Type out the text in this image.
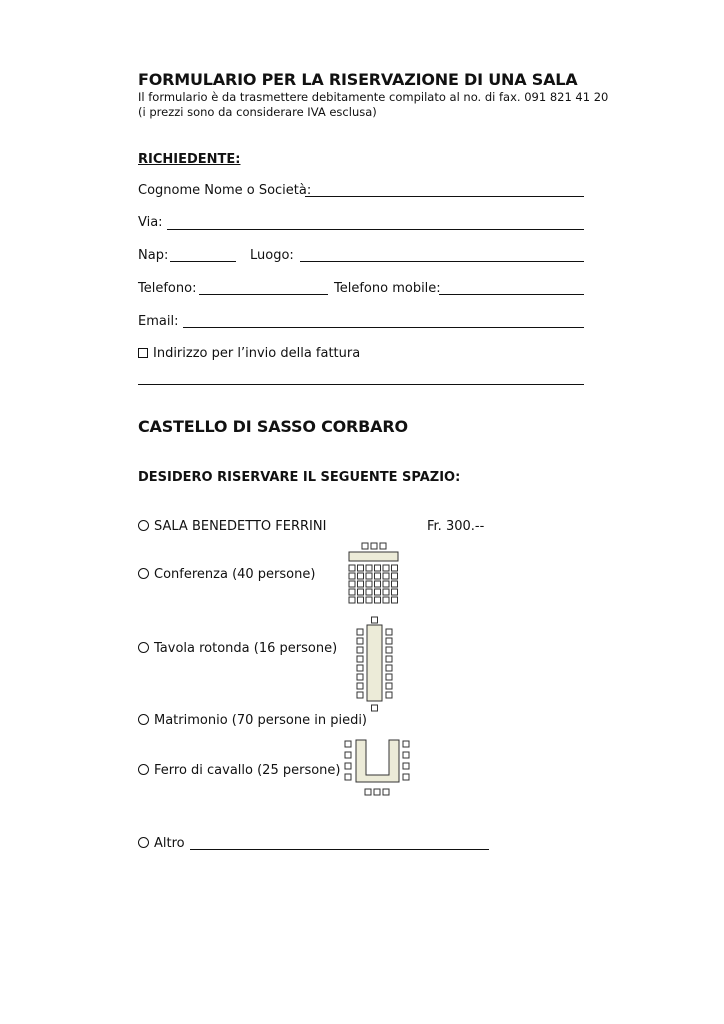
FORMULARIO PER LA RISERVAZIONE DI UNA SALA
Il formulario è da trasmettere debitamente compilato al no. di fax. 091 821 41 20
(i prezzi sono da considerare IVA esclusa)
RICHIEDENTE:
Cognome Nome o Società:
Via:
Nap:	Luogo:
Telefono:	Telefono mobile:
Email:
Indirizzo per l’invio della fattura
CASTELLO DI SASSO CORBARO
DESIDERO RISERVARE IL SEGUENTE SPAZIO:
SALA BENEDETTO FERRINI	Fr. 300.--
Conferenza (40 persone)
Tavola rotonda (16 persone)
Matrimonio (70 persone in piedi)
Ferro di cavallo (25 persone)
Altro
